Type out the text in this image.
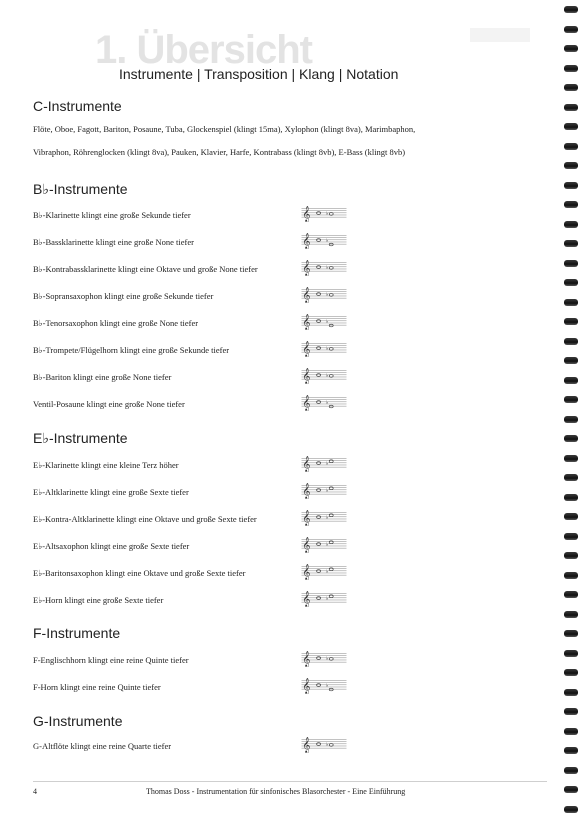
1. Übersicht
Instrumente | Transposition | Klang | Notation
C-Instrumente
Flöte, Oboe, Fagott, Bariton, Posaune, Tuba, Glockenspiel (klingt 15ma), Xylophon (klingt 8va), Marimbaphon,
Vibraphon, Röhrenglocken (klingt 8va), Pauken, Klavier, Harfe, Kontrabass (klingt 8vb), E-Bass (klingt 8vb)
B♭-Instrumente
B♭-Klarinette klingt eine große Sekunde tiefer	𝄞	♭
B♭-Bassklarinette klingt eine große None tiefer	𝄞	♭
B♭-Kontrabassklarinette klingt eine Oktave und große None tiefer	𝄞	♭
B♭-Sopransaxophon klingt eine große Sekunde tiefer	𝄞	♭
B♭-Tenorsaxophon klingt eine große None tiefer	𝄞	♭
B♭-Trompete/Flügelhorn klingt eine große Sekunde tiefer	𝄞	♭
B♭-Bariton klingt eine große None tiefer	𝄞	♭
Ventil-Posaune klingt eine große None tiefer	𝄞	♭
E♭-Instrumente
E♭-Klarinette klingt eine kleine Terz höher	𝄞	♭
E♭-Altklarinette klingt eine große Sexte tiefer	𝄞	♭
E♭-Kontra-Altklarinette klingt eine Oktave und große Sexte tiefer	𝄞	♭
E♭-Altsaxophon klingt eine große Sexte tiefer	𝄞	♭
E♭-Baritonsaxophon klingt eine Oktave und große Sexte tiefer	𝄞	♭
E♭-Horn klingt eine große Sexte tiefer	𝄞	♭
F-Instrumente
F-Englischhorn klingt eine reine Quinte tiefer	𝄞	♭
F-Horn klingt eine reine Quinte tiefer	𝄞	♭
G-Instrumente
G-Altflöte klingt eine reine Quarte tiefer	𝄞	♭
4	Thomas Doss - Instrumentation für sinfonisches Blasorchester - Eine Einführung
